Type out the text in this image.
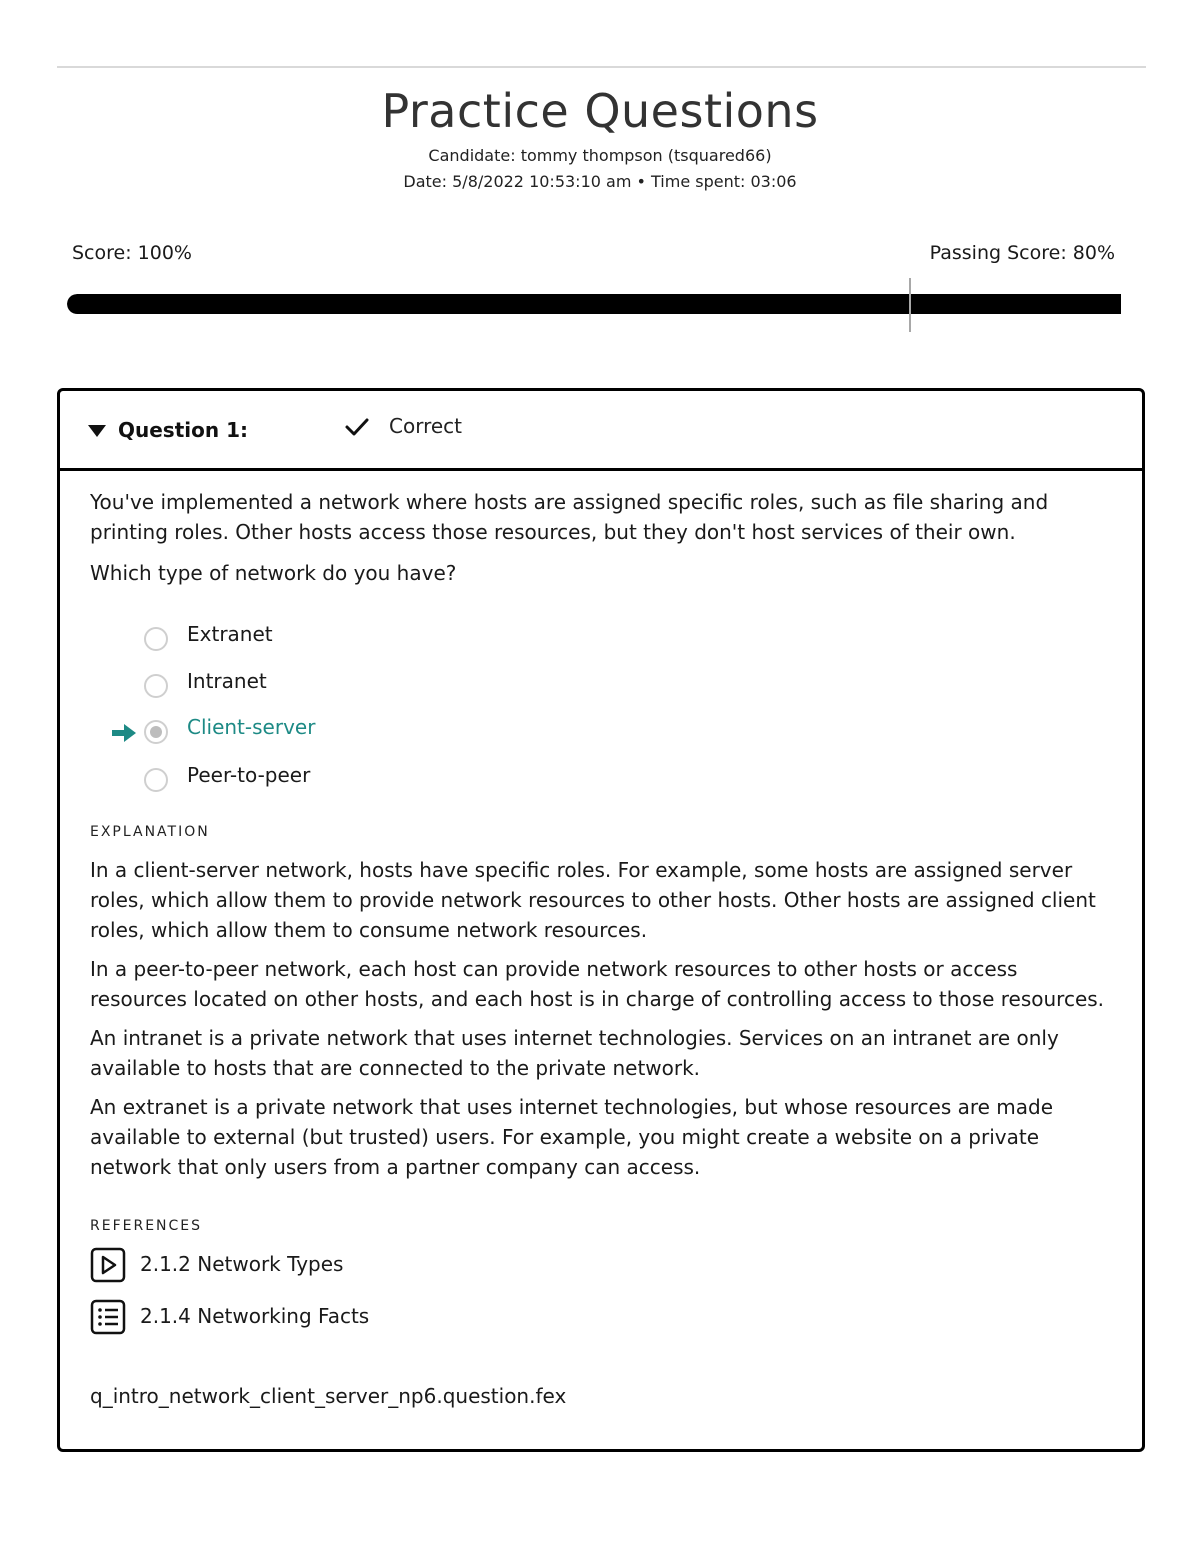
Practice Questions
Candidate: tommy thompson (tsquared66)
Date: 5/8/2022 10:53:10 am • Time spent: 03:06
Score: 100%	Passing Score: 80%
Question 1:	Correct

You've implemented a network where hosts are assigned specific roles, such as file sharing and printing roles. Other hosts access those resources, but they don't host services of their own.

Which type of network do you have?

Extranet
Intranet
Client-server
Peer-to-peer
EXPLANATION

In a client-server network, hosts have specific roles. For example, some hosts are assigned server roles, which allow them to provide network resources to other hosts. Other hosts are assigned client roles, which allow them to consume network resources.

In a peer-to-peer network, each host can provide network resources to other hosts or access resources located on other hosts, and each host is in charge of controlling access to those resources.

An intranet is a private network that uses internet technologies. Services on an intranet are only available to hosts that are connected to the private network.

An extranet is a private network that uses internet technologies, but whose resources are made available to external (but trusted) users. For example, you might create a website on a private network that only users from a partner company can access.

REFERENCES
2.1.2 Network Types
2.1.4 Networking Facts
q_intro_network_client_server_np6.question.fex
